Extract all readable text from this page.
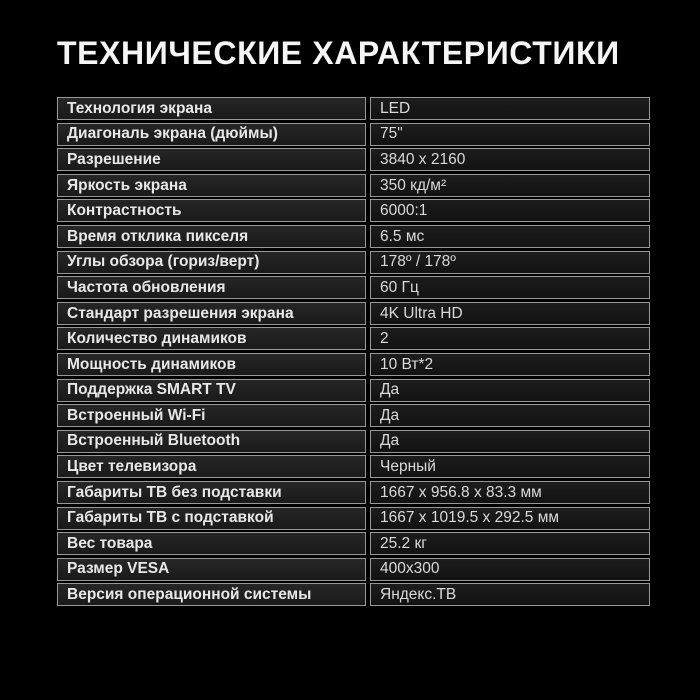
ТЕХНИЧЕСКИЕ ХАРАКТЕРИСТИКИ
Технология экрана	LED
Диагональ экрана (дюймы)	75"
Разрешение	3840 x 2160
Яркость экрана	350 кд/м²
Контрастность	6000:1
Время отклика пикселя	6.5 мс
Углы обзора (гориз/верт)	178º / 178º
Частота обновления	60 Гц
Стандарт разрешения экрана	4K Ultra HD
Количество динамиков	2
Мощность динамиков	10 Вт*2
Поддержка SMART TV	Да
Встроенный Wi-Fi	Да
Встроенный Bluetooth	Да
Цвет телевизора	Черный
Габариты ТВ без подставки	1667 x 956.8 x 83.3 мм
Габариты ТВ с подставкой	1667 x 1019.5 x 292.5 мм
Вес товара	25.2 кг
Размер VESA	400x300
Версия операционной системы	Яндекс.ТВ
